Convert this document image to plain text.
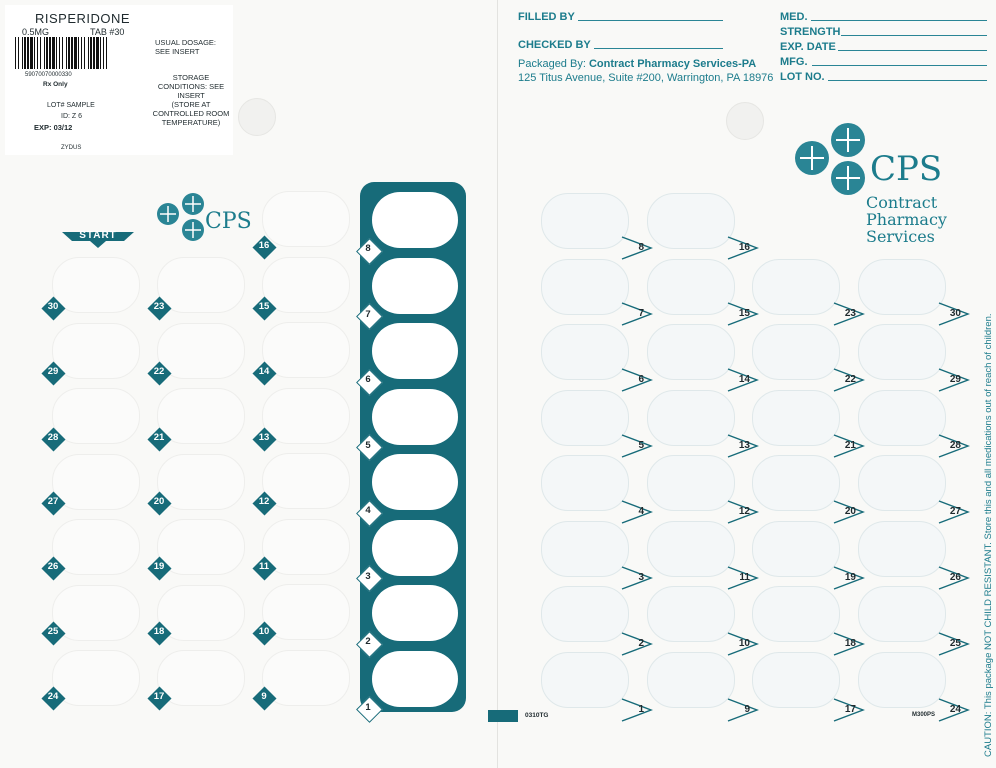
RISPERIDONE
0.5MG	TAB #30
59070070000330
Rx Only
LOT# SAMPLE
ID: Z 6
EXP: 03/12
ZYDUS
USUAL DOSAGE:
SEE INSERT
STORAGE
CONDITIONS: SEE
INSERT
(STORE AT
CONTROLLED ROOM
TEMPERATURE)
FILLED BY
CHECKED BY
Packaged By: Contract Pharmacy Services-PA
125 Titus Avenue, Suite #200, Warrington, PA 18976
MED.
STRENGTH
EXP. DATE
MFG.
LOT NO.
CPS
Contract
Pharmacy
Services
CPS
START
8
7
6
5
4
3
2
1
16
15
14
13
12
11
10
9
23
22
21
20
19
18
17
30
29
28
27
26
25
24
8
7
6
5
4
3
2
1
16
15
14
13
12
11
10
9
23
22
21
20
19
18
17
30
29
28
27
26
25
24
0310TG	M300PS	CAUTION: This package NOT CHILD RESISTANT. Store this and all medications out of reach of children.
